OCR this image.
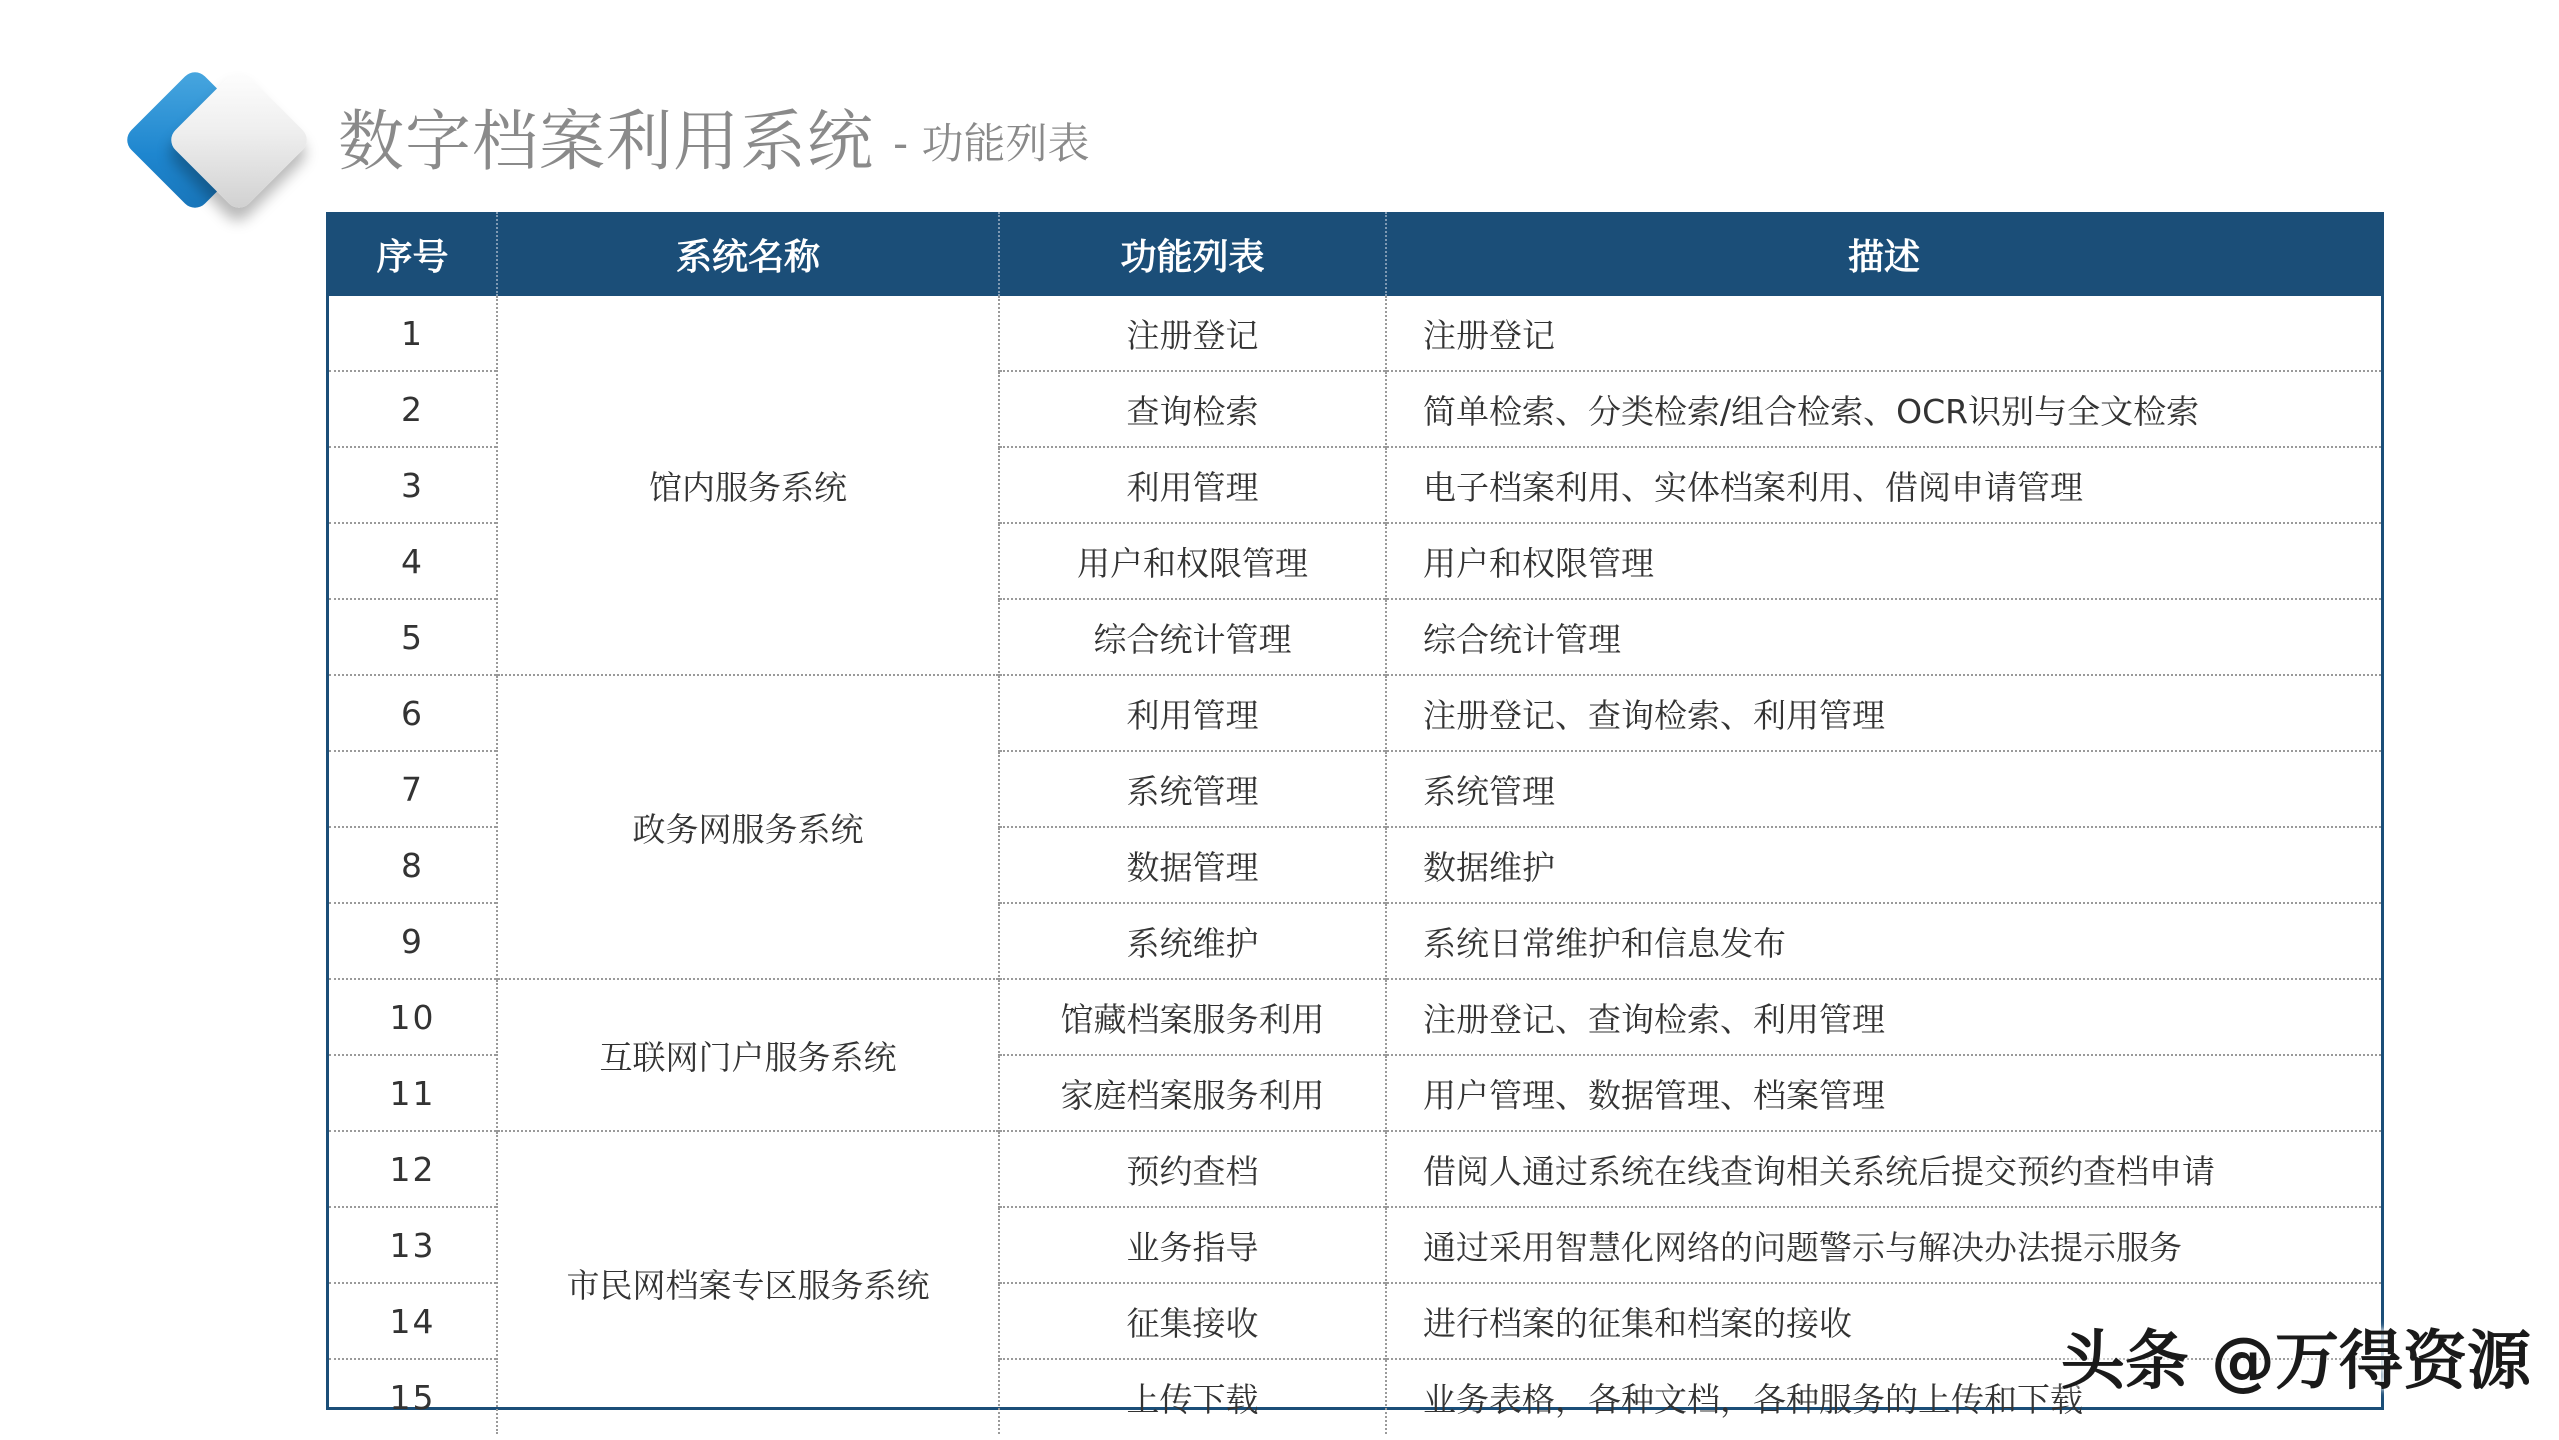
数字档案利用系统 - 功能列表
序号	系统名称	功能列表	描述
1	馆内服务系统	注册登记	注册登记
2		查询检索	简单检索、分类检索/组合检索、OCR识别与全文检索
3		利用管理	电子档案利用、实体档案利用、借阅申请管理
4		用户和权限管理	用户和权限管理
5		综合统计管理	综合统计管理
6	政务网服务系统	利用管理	注册登记、查询检索、利用管理
7		系统管理	系统管理
8		数据管理	数据维护
9		系统维护	系统日常维护和信息发布
10	互联网门户服务系统	馆藏档案服务利用	注册登记、查询检索、利用管理
11		家庭档案服务利用	用户管理、数据管理、档案管理
12	市民网档案专区服务系统	预约查档	借阅人通过系统在线查询相关系统后提交预约查档申请
13		业务指导	通过采用智慧化网络的问题警示与解决办法提示服务
14		征集接收	进行档案的征集和档案的接收
15		上传下载	业务表格，各种文档，各种服务的上传和下载
头条 @万得资源
